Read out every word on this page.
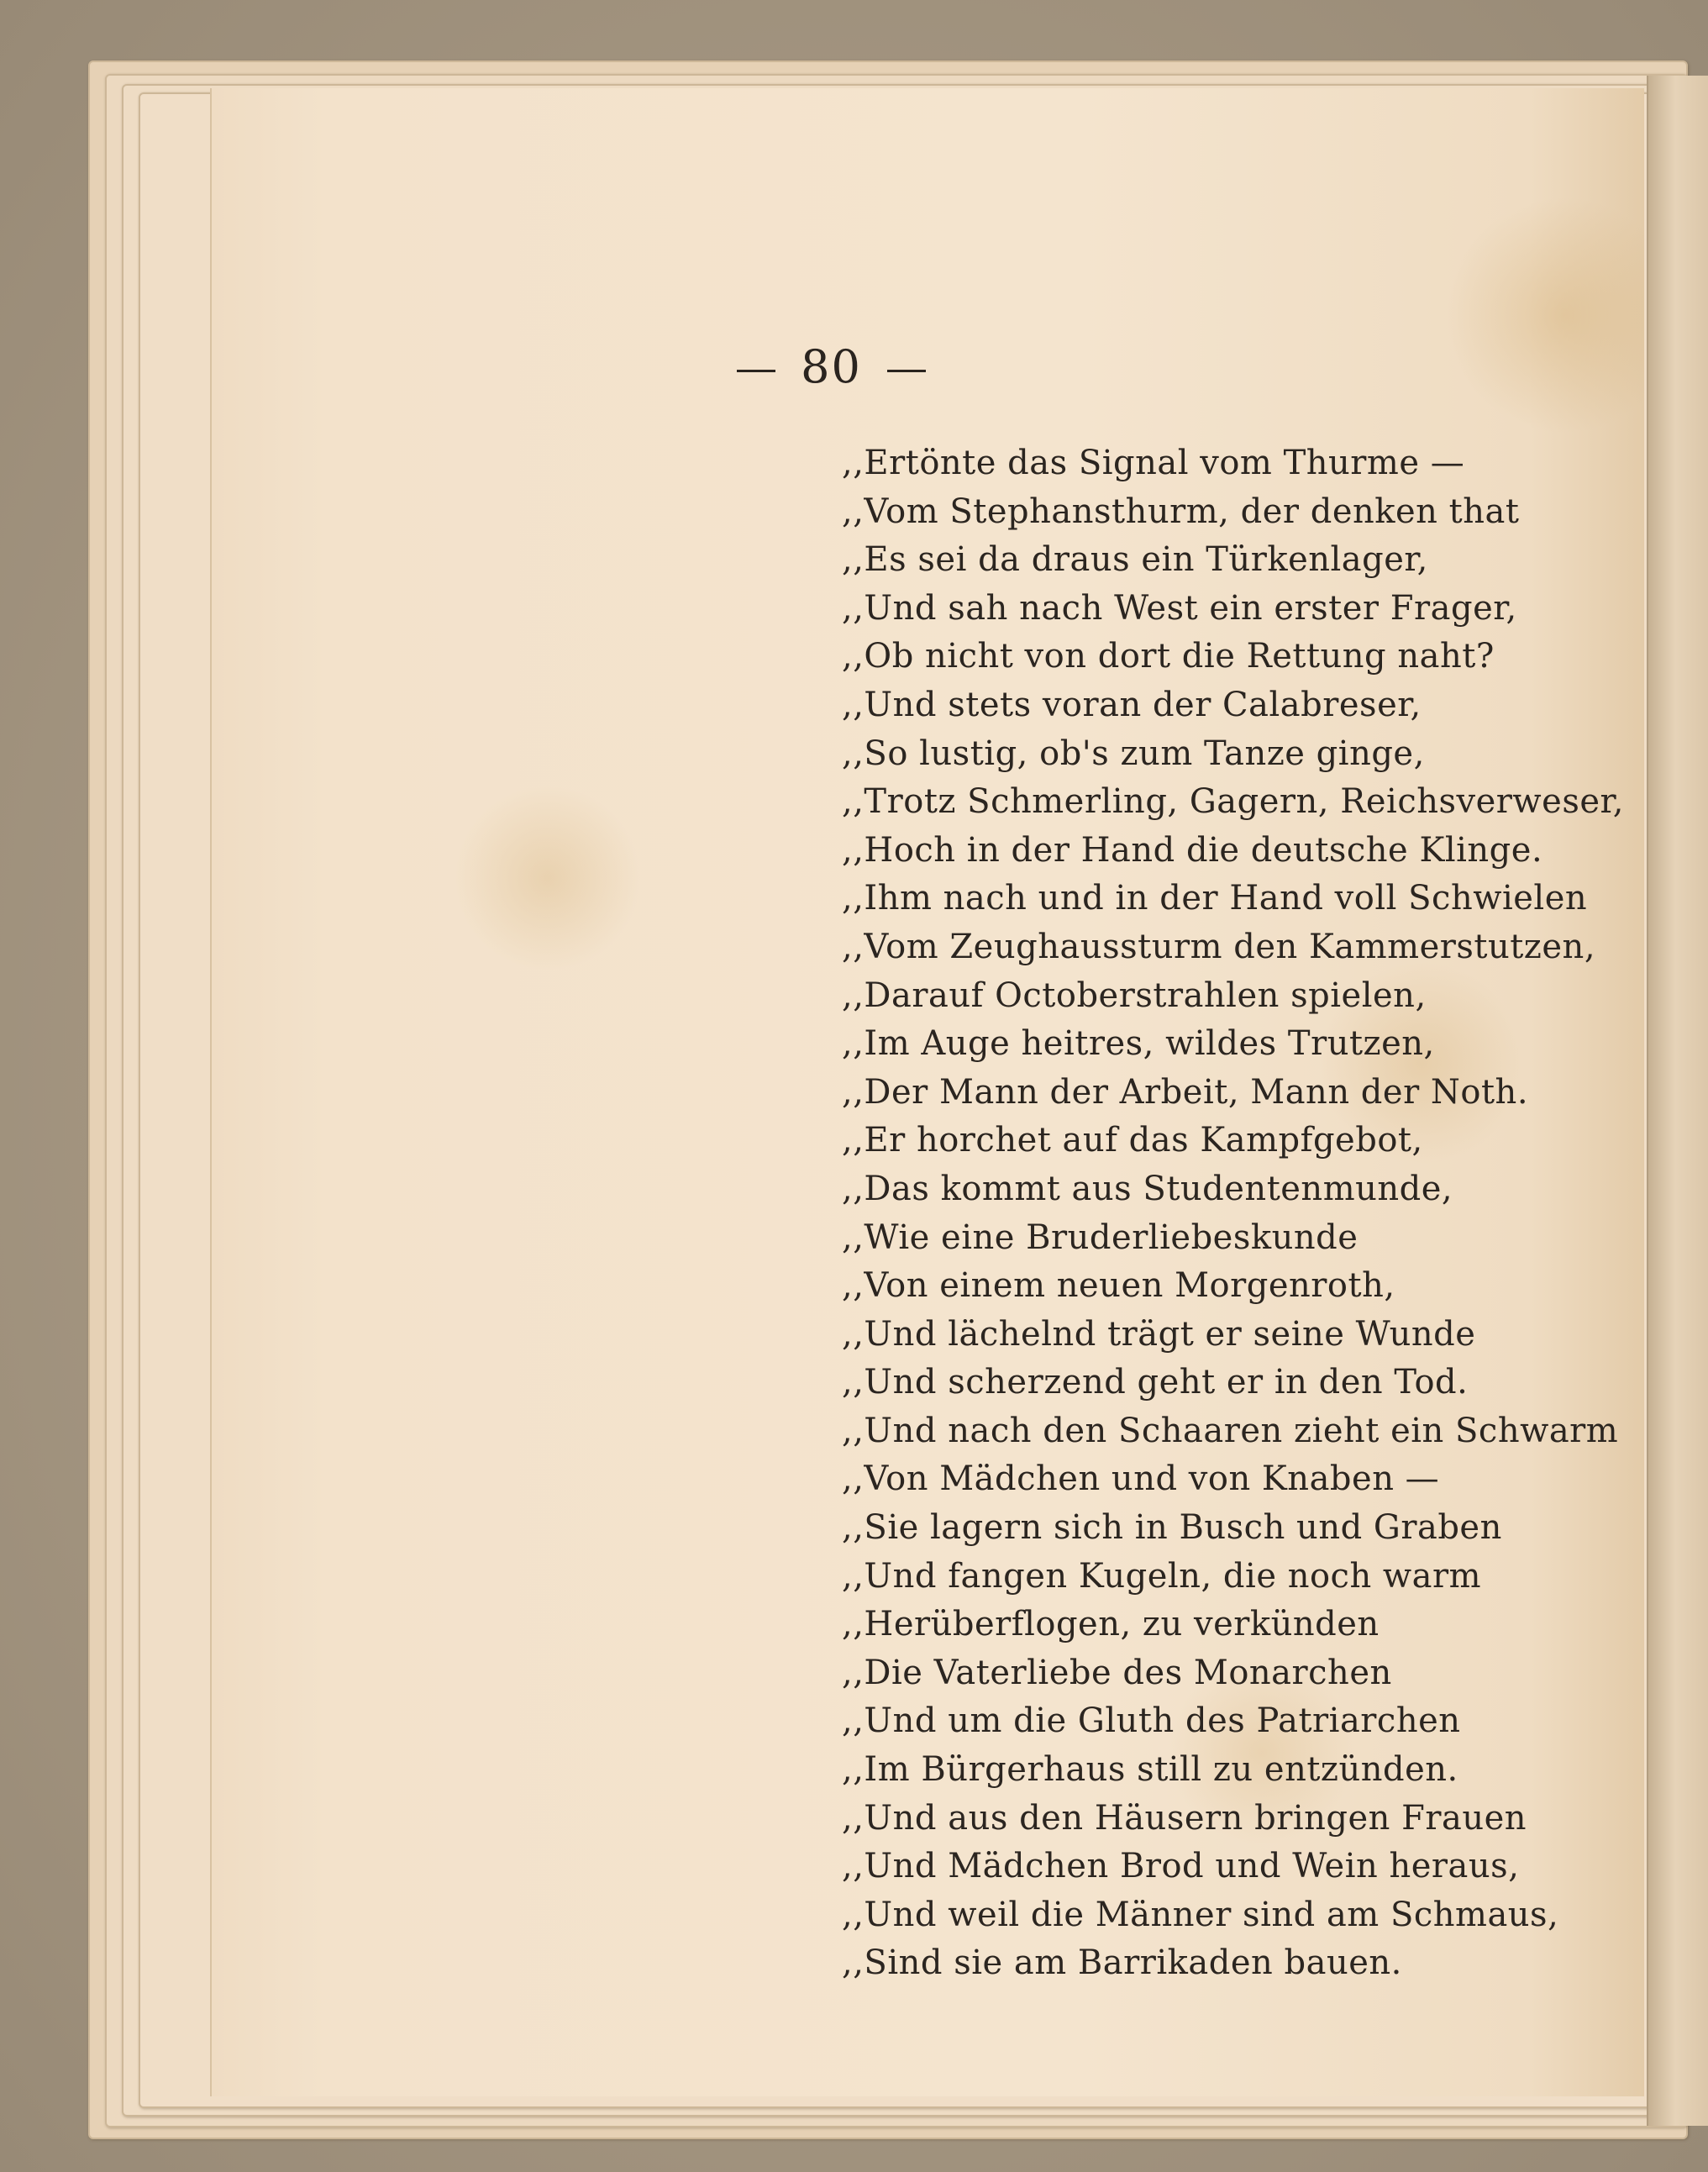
80
,,Ertönte das Signal vom Thurme —
,,Vom Stephansthurm, der denken that
,,Es sei da draus ein Türkenlager,
,,Und sah nach West ein erster Frager,
,,Ob nicht von dort die Rettung naht?
,,Und stets voran der Calabreser,
,,So lustig, ob's zum Tanze ginge,
,,Trotz Schmerling, Gagern, Reichsverweser,
,,Hoch in der Hand die deutsche Klinge.
,,Ihm nach und in der Hand voll Schwielen
,,Vom Zeughaussturm den Kammerstutzen,
,,Darauf Octoberstrahlen spielen,
,,Im Auge heitres, wildes Trutzen,
,,Der Mann der Arbeit, Mann der Noth.
,,Er horchet auf das Kampfgebot,
,,Das kommt aus Studentenmunde,
,,Wie eine Bruderliebeskunde
,,Von einem neuen Morgenroth,
,,Und lächelnd trägt er seine Wunde
,,Und scherzend geht er in den Tod.
,,Und nach den Schaaren zieht ein Schwarm
,,Von Mädchen und von Knaben —
,,Sie lagern sich in Busch und Graben
,,Und fangen Kugeln, die noch warm
,,Herüberflogen, zu verkünden
,,Die Vaterliebe des Monarchen
,,Und um die Gluth des Patriarchen
,,Im Bürgerhaus still zu entzünden.
,,Und aus den Häusern bringen Frauen
,,Und Mädchen Brod und Wein heraus,
,,Und weil die Männer sind am Schmaus,
,,Sind sie am Barrikaden bauen.
